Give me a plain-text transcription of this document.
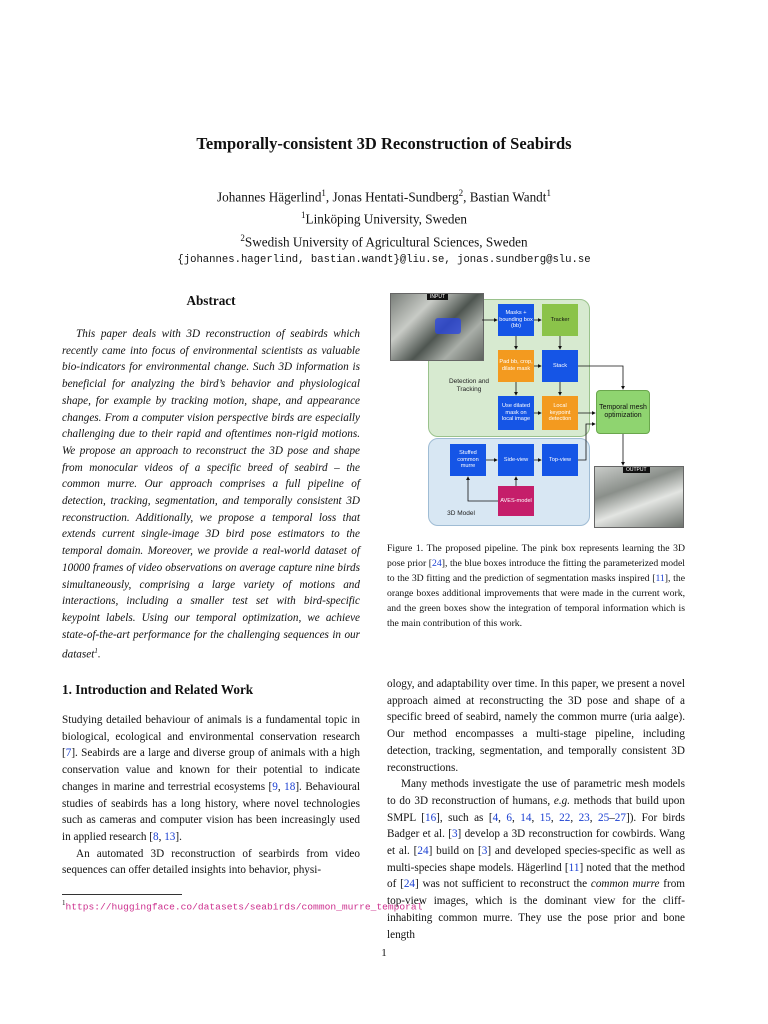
Temporally-consistent 3D Reconstruction of Seabirds
Johannes Hägerlind$^1$, Jonas Hentati-Sundberg$^2$, Bastian Wandt$^1$
$^1$Linköping University, Sweden
$^2$Swedish University of Agricultural Sciences, Sweden
{johannes.hagerlind, bastian.wandt}@liu.se, jonas.sundberg@slu.se
Abstract

This paper deals with 3D reconstruction of seabirds which recently came into focus of environmental scientists as valuable bio-indicators for environmental change. Such 3D information is beneficial for analyzing the bird’s behavior and physiological shape, for example by tracking motion, shape, and appearance changes. From a computer vision perspective birds are especially challenging due to their rapid and oftentimes non-rigid motions. We propose an approach to reconstruct the 3D pose and shape from monocular videos of a specific breed of seabird – the common murre. Our approach comprises a full pipeline of detection, tracking, segmentation, and temporally consistent 3D reconstruction. Additionally, we propose a temporal loss that extends current single-image 3D bird pose estimators to the temporal domain. Moreover, we provide a real-world dataset of 10000 frames of video observations on average capture nine birds simultaneously, comprising a large variety of motions and interactions, including a smaller test set with bird-specific keypoint labels. Using our temporal optimization, we achieve state-of-the-art performance for the challenging sequences in our dataset$^1$.

1. Introduction and Related Work

Studying detailed behaviour of animals is a fundamental topic in biological, ecological and environmental conservation research [7]. Seabirds are a large and diverse group of animals with a high conservation value and known for their potential to indicate changes in marine and terrestrial ecosystems [9, 18]. Behavioural studies of seabirds has a long history, where novel technologies such as cameras and computer vision has been increasingly used in applied research [8, 13].

An automated 3D reconstruction of searbirds from video sequences can offer detailed insights into behavior, physi-

$^1$https://huggingface.co/datasets/seabirds/common_murre_temporal
INPUT
Masks + bounding box (bb)
Tracker
Pad bb, crop, dilate mask
Stack
Use dilated mask on local image
Local keypoint detection
Detection and Tracking
Temporal mesh optimization
Stuffed common murre
Side-view	Top-view
AVES-model
3D Model
OUTPUT
Figure 1. The proposed pipeline. The pink box represents learning the 3D pose prior [24], the blue boxes introduce the fitting the parameterized model to the 3D fitting and the prediction of segmentation masks inspired [11], the orange boxes additional improvements that were made in the current work, and the green boxes show the integration of temporal information which is the main contribution of this work.

ology, and adaptability over time. In this paper, we present a novel approach aimed at reconstructing the 3D pose and shape of a specific breed of seabird, namely the common murre (uria aalge). Our method encompasses a multi-stage pipeline, including detection, tracking, segmentation, and temporally consistent 3D reconstructions.

Many methods investigate the use of parametric mesh models to do 3D reconstruction of humans, e.g. methods that build upon SMPL [16], such as [4, 6, 14, 15, 22, 23, 25–27]). For birds Badger et al. [3] develop a 3D reconstruction for cowbirds. Wang et al. [24] build on [3] and developed species-specific as well as multi-species shape models. Hägerlind [11] noted that the method of [24] was not sufficient to reconstruct the common murre from top-view images, which is the dominant view for the cliff-inhabiting common murre. They use the pose prior and bone length

1
